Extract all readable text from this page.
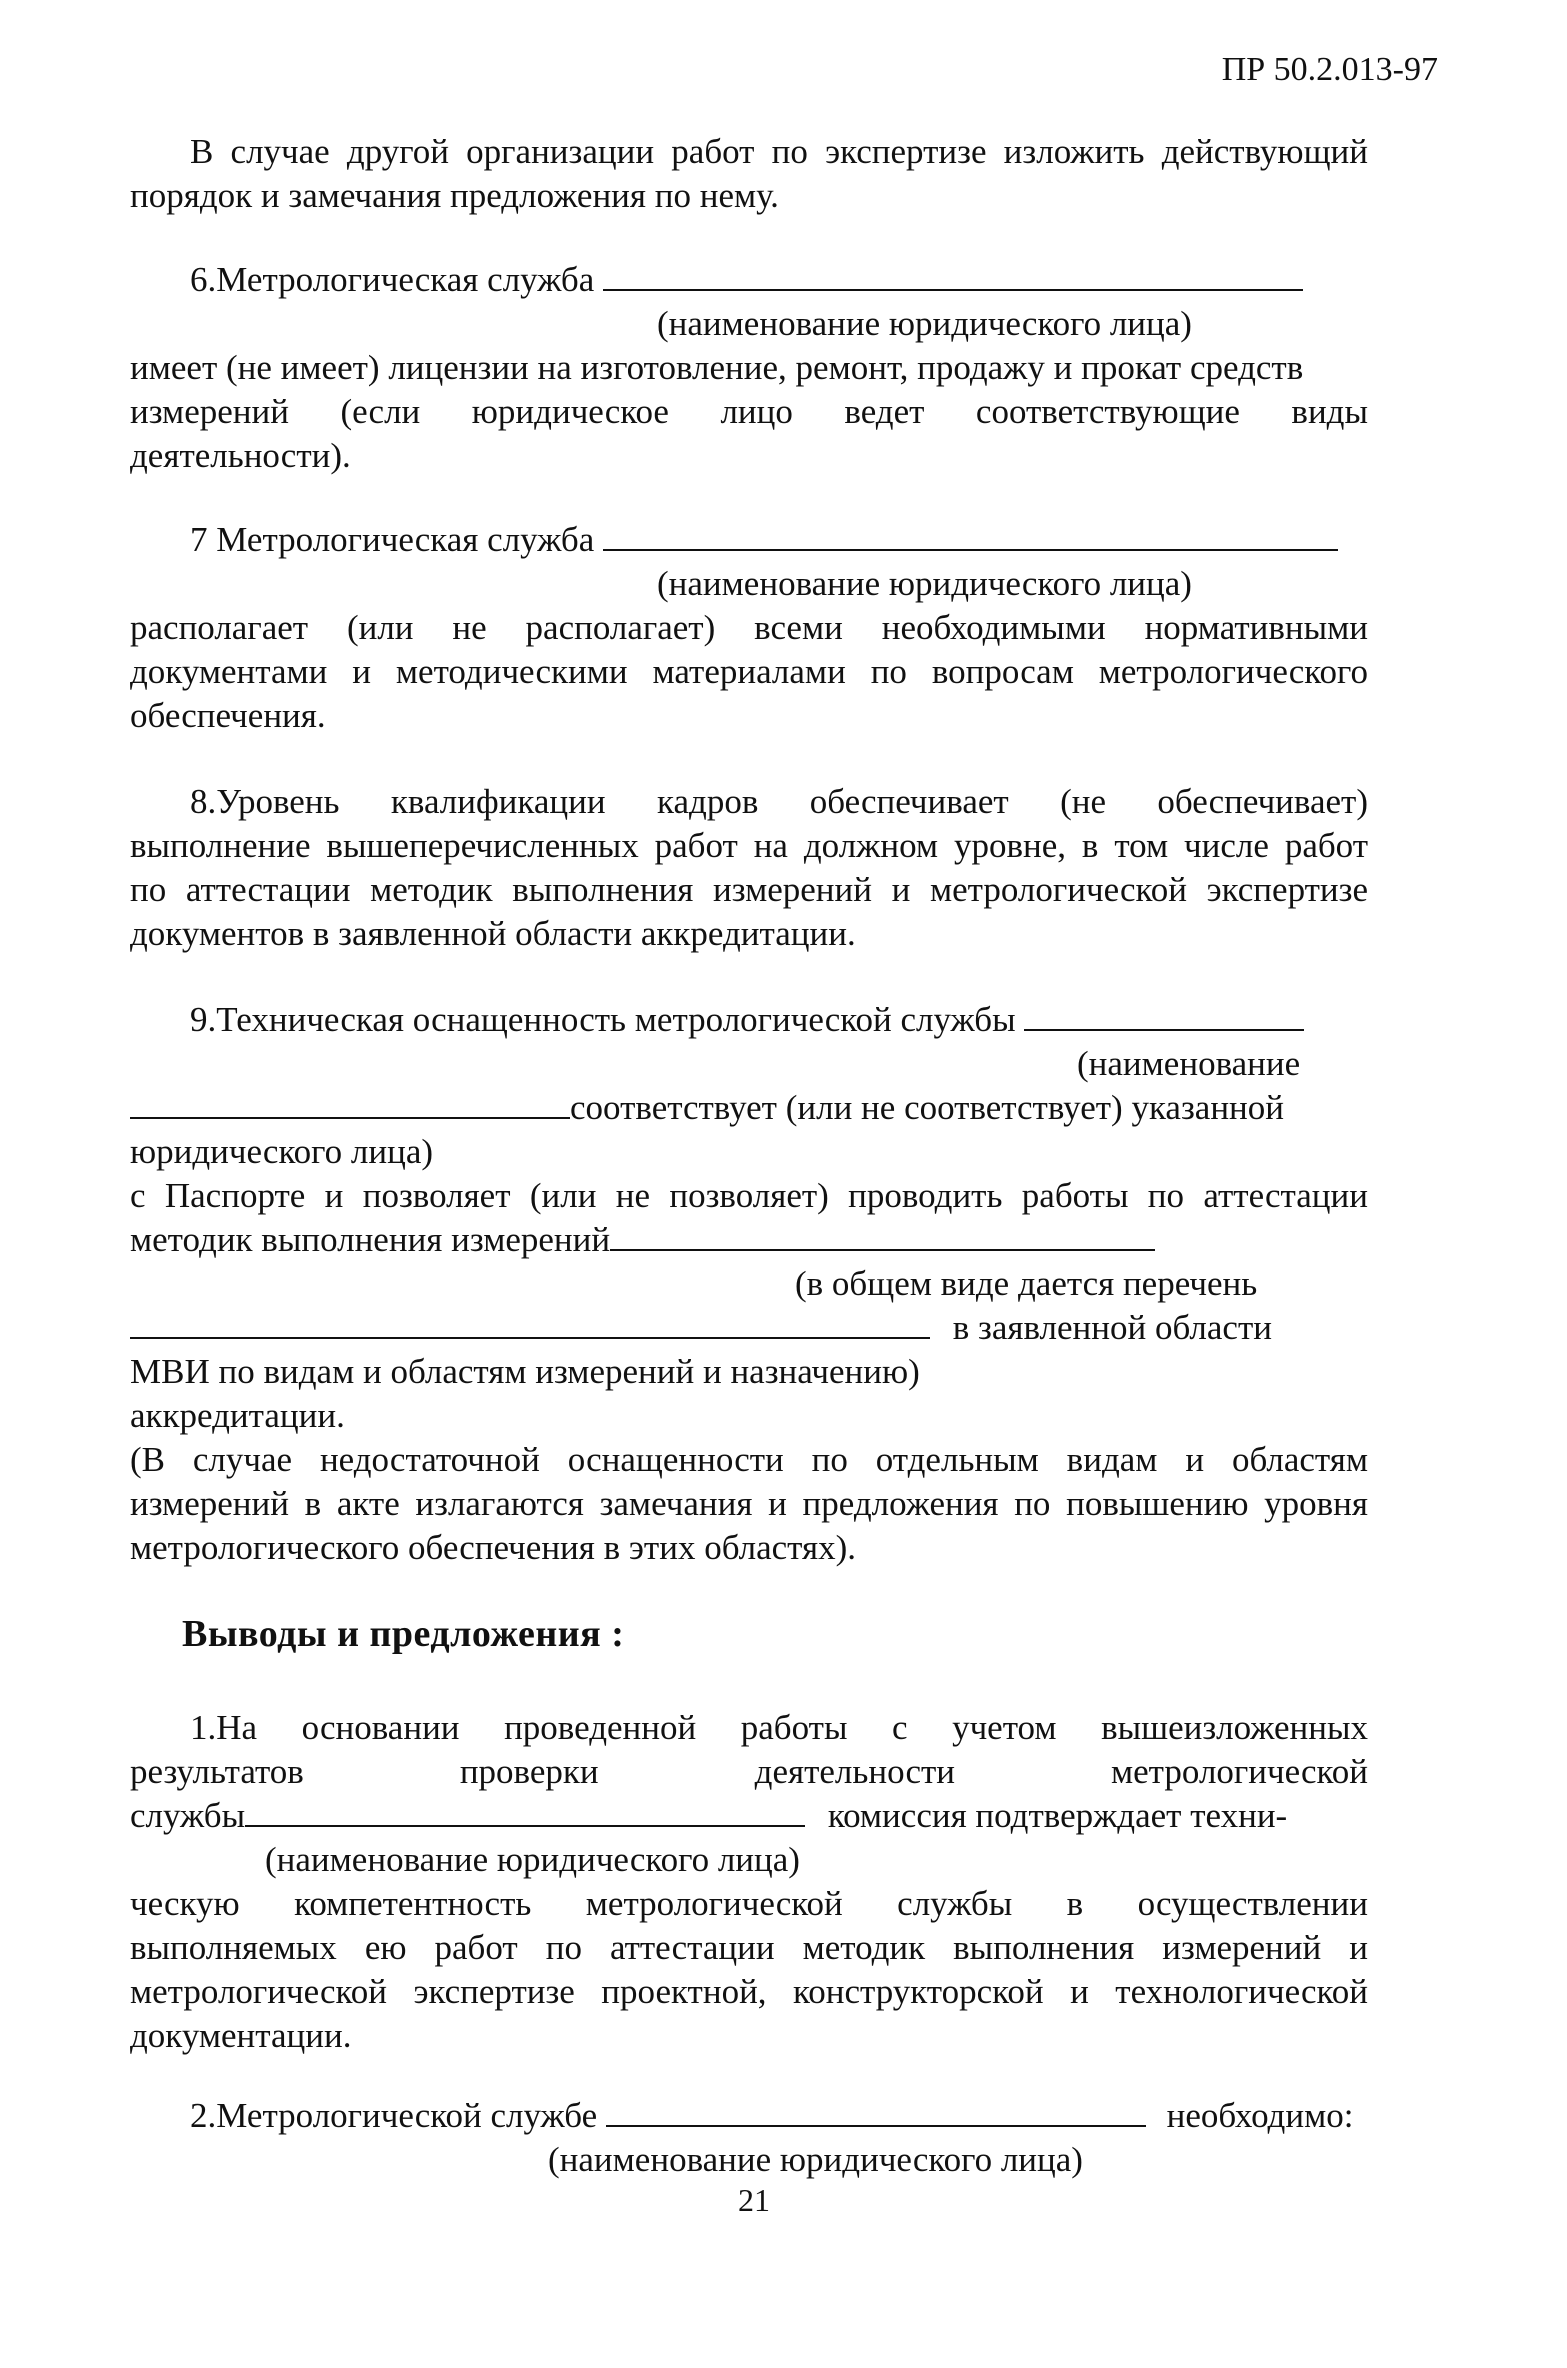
ПР 50.2.013-97
В случае другой организации работ по экспертизе изложить действующий
порядок и замечания предложения по нему.
6.Метрологическая служба
(наименование юридического лица)
имеет (не имеет) лицензии на изготовление, ремонт, продажу и прокат средств
измерений (если юридическое лицо ведет соответствующие виды
деятельности).
7 Метрологическая служба
(наименование юридического лица)
располагает (или не располагает) всеми необходимыми нормативными
документами и методическими материалами по вопросам метрологического
обеспечения.
8.Уровень квалификации кадров обеспечивает (не обеспечивает)
выполнение вышеперечисленных работ на должном уровне, в том числе работ
по аттестации методик выполнения измерений и метрологической экспертизе
документов в заявленной области аккредитации.
9.Техническая оснащенность метрологической службы
(наименование
соответствует (или не соответствует) указанной
юридического лица)
с Паспорте и позволяет (или не позволяет) проводить работы по аттестации
методик выполнения измерений
(в общем виде дается перечень
в заявленной области
МВИ по видам и областям измерений и назначению)
аккредитации.
(В случае недостаточной оснащенности по отдельным видам и областям
измерений в акте излагаются замечания и предложения по повышению уровня
метрологического обеспечения в этих областях).
Выводы и предложения :
1.На основании проведенной работы с учетом вышеизложенных
результатов проверки деятельности метрологической
службы	комиссия подтверждает техни-
(наименование юридического лица)
ческую компетентность метрологической службы в осуществлении
выполняемых ею работ по аттестации методик выполнения измерений и
метрологической экспертизе проектной, конструкторской и технологической
документации.
2.Метрологической службе	необходимо:
(наименование юридического лица)
21
